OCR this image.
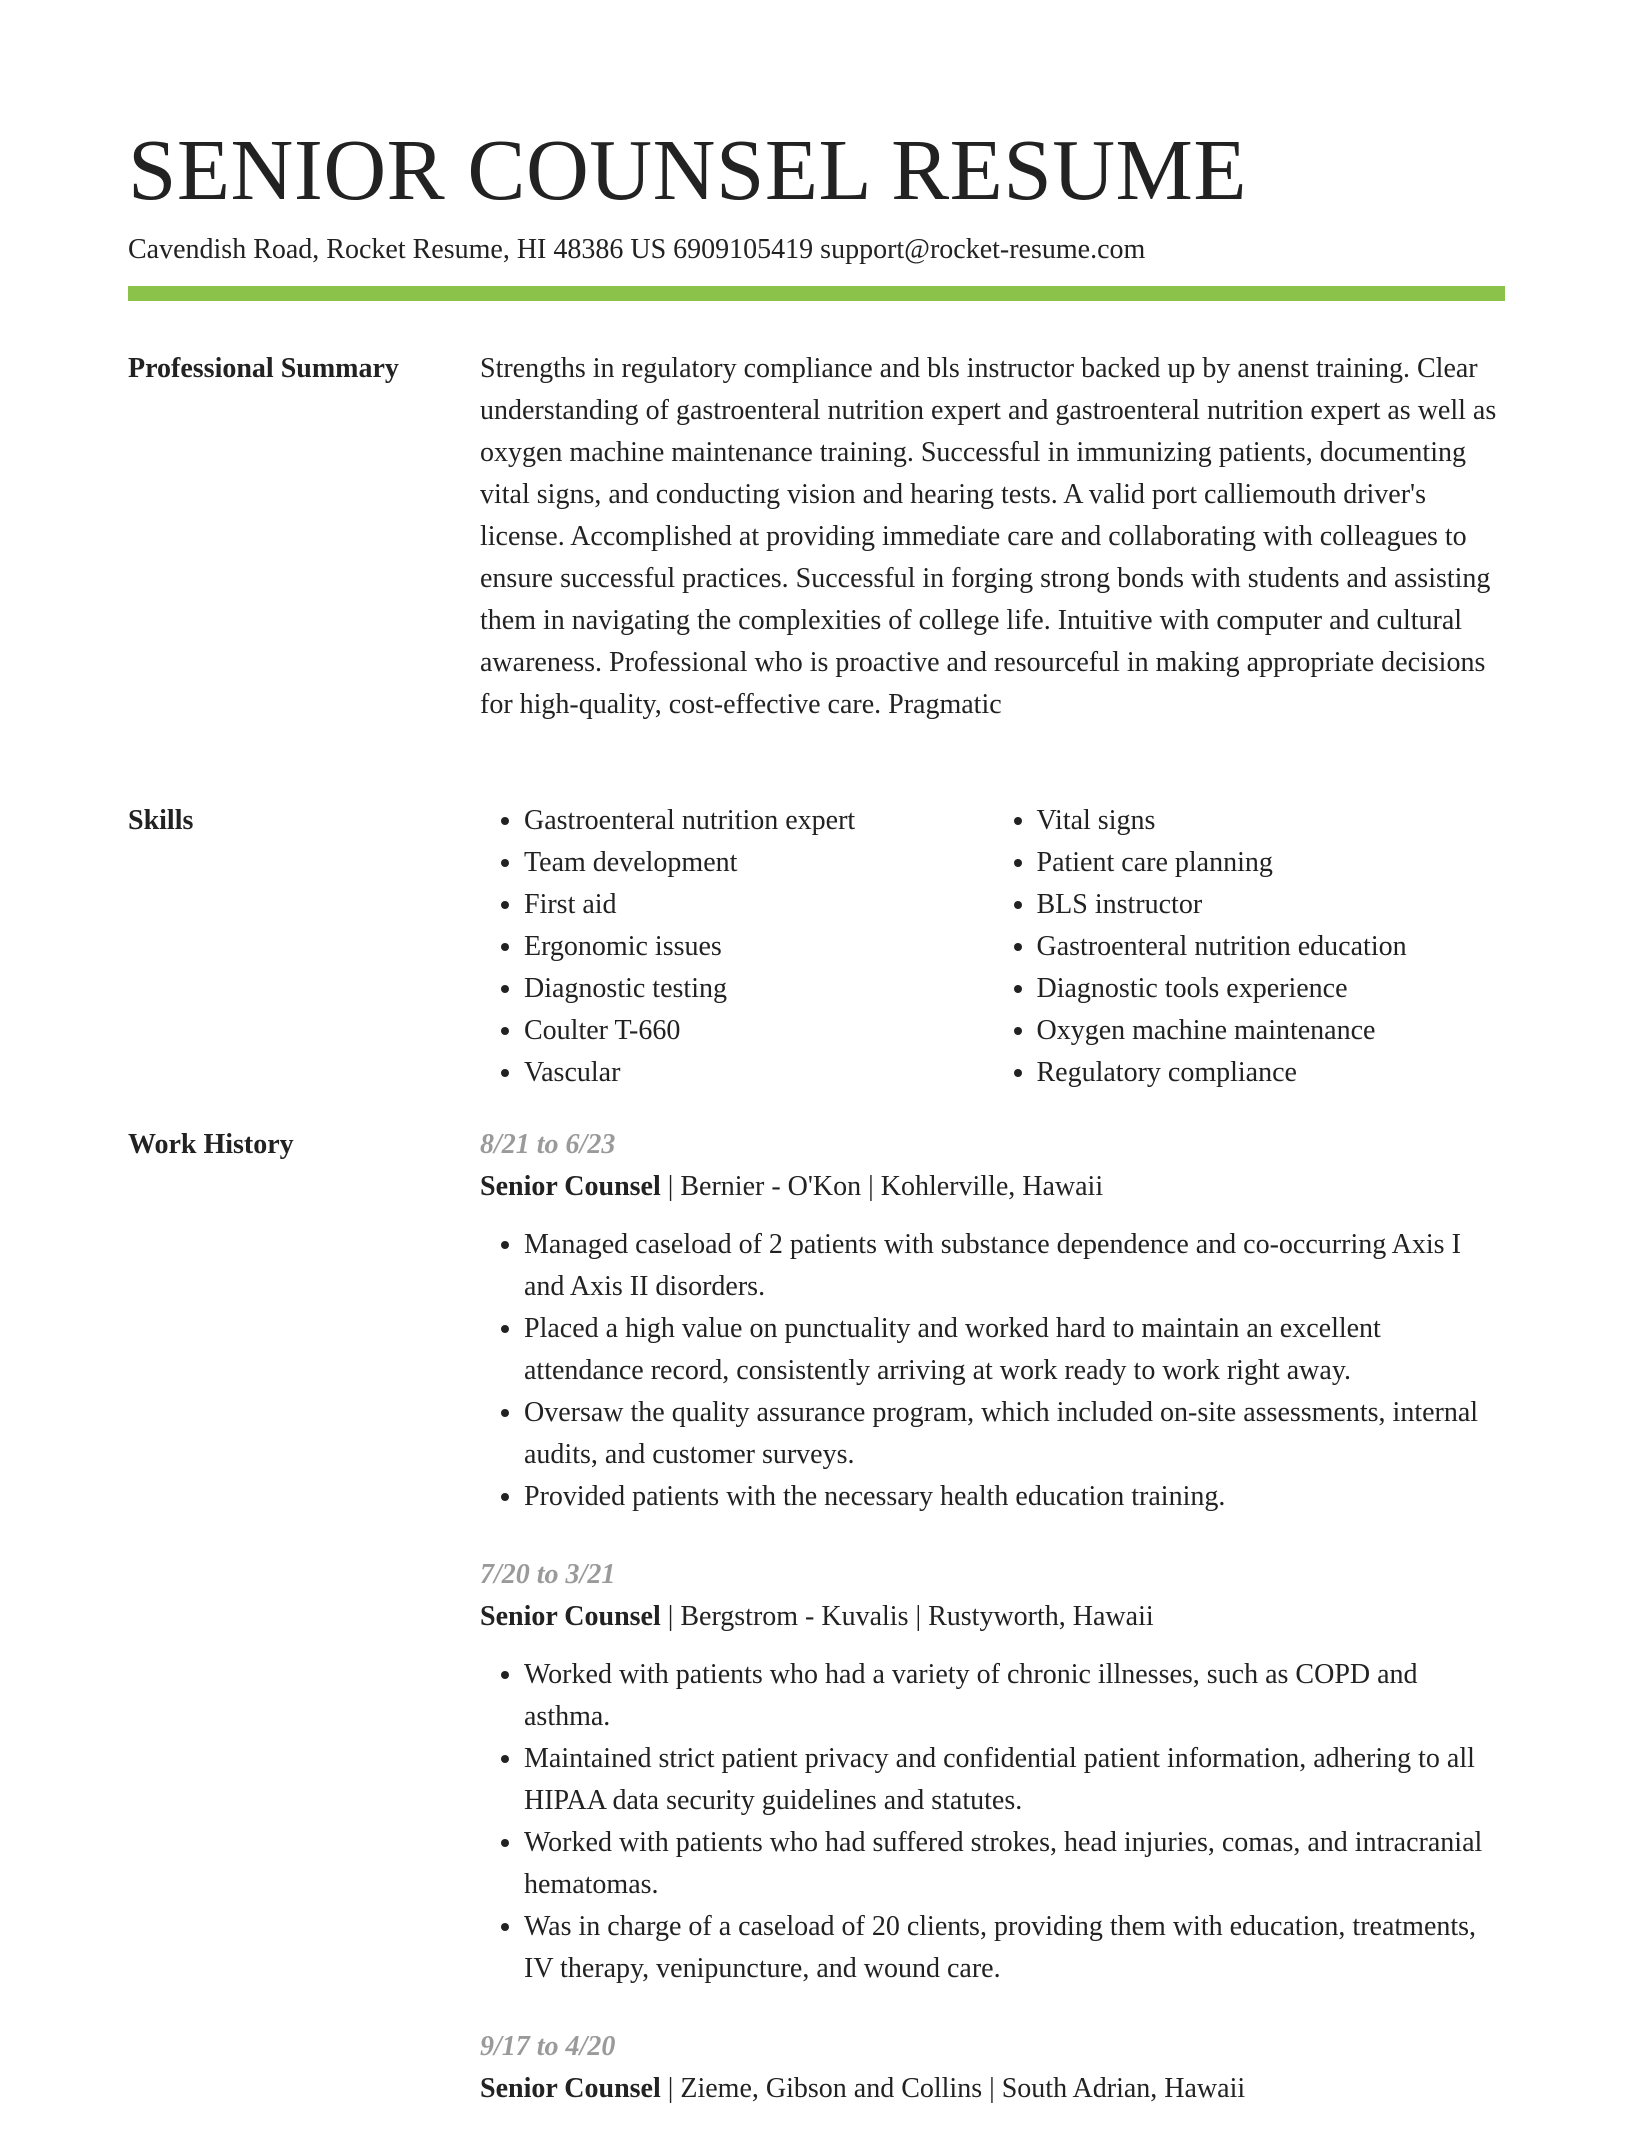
SENIOR COUNSEL RESUME
Cavendish Road, Rocket Resume, HI 48386 US 6909105419 support@rocket-resume.com
Professional Summary	Strengths in regulatory compliance and bls instructor backed up by anenst training. Clear understanding of gastroenteral nutrition expert and gastroenteral nutrition expert as well as oxygen machine maintenance training. Successful in immunizing patients, documenting vital signs, and conducting vision and hearing tests. A valid port calliemouth driver's license. Accomplished at providing immediate care and collaborating with colleagues to ensure successful practices. Successful in forging strong bonds with students and assisting them in navigating the complexities of college life. Intuitive with computer and cultural awareness. Professional who is proactive and resourceful in making appropriate decisions for high-quality, cost-effective care. Pragmatic

Skills
•	Gastroenteral nutrition expert
• Team development
• First aid
• Ergonomic issues
• Diagnostic testing
• Coulter T-660
• Vascular
• Vital signs
• Patient care planning
• BLS instructor
• Gastroenteral nutrition education
• Diagnostic tools experience
• Oxygen machine maintenance
• Regulatory compliance
Work History	8/21 to 6/23
Senior Counsel | Bernier - O'Kon | Kohlerville, Hawaii
• Managed caseload of 2 patients with substance dependence and co-occurring Axis I and Axis II disorders.
• Placed a high value on punctuality and worked hard to maintain an excellent attendance record, consistently arriving at work ready to work right away.
• Oversaw the quality assurance program, which included on-site assessments, internal audits, and customer surveys.
• Provided patients with the necessary health education training.
7/20 to 3/21
Senior Counsel | Bergstrom - Kuvalis | Rustyworth, Hawaii
• Worked with patients who had a variety of chronic illnesses, such as COPD and asthma.
• Maintained strict patient privacy and confidential patient information, adhering to all HIPAA data security guidelines and statutes.
• Worked with patients who had suffered strokes, head injuries, comas, and intracranial hematomas.
• Was in charge of a caseload of 20 clients, providing them with education, treatments, IV therapy, venipuncture, and wound care.
9/17 to 4/20
Senior Counsel | Zieme, Gibson and Collins | South Adrian, Hawaii
